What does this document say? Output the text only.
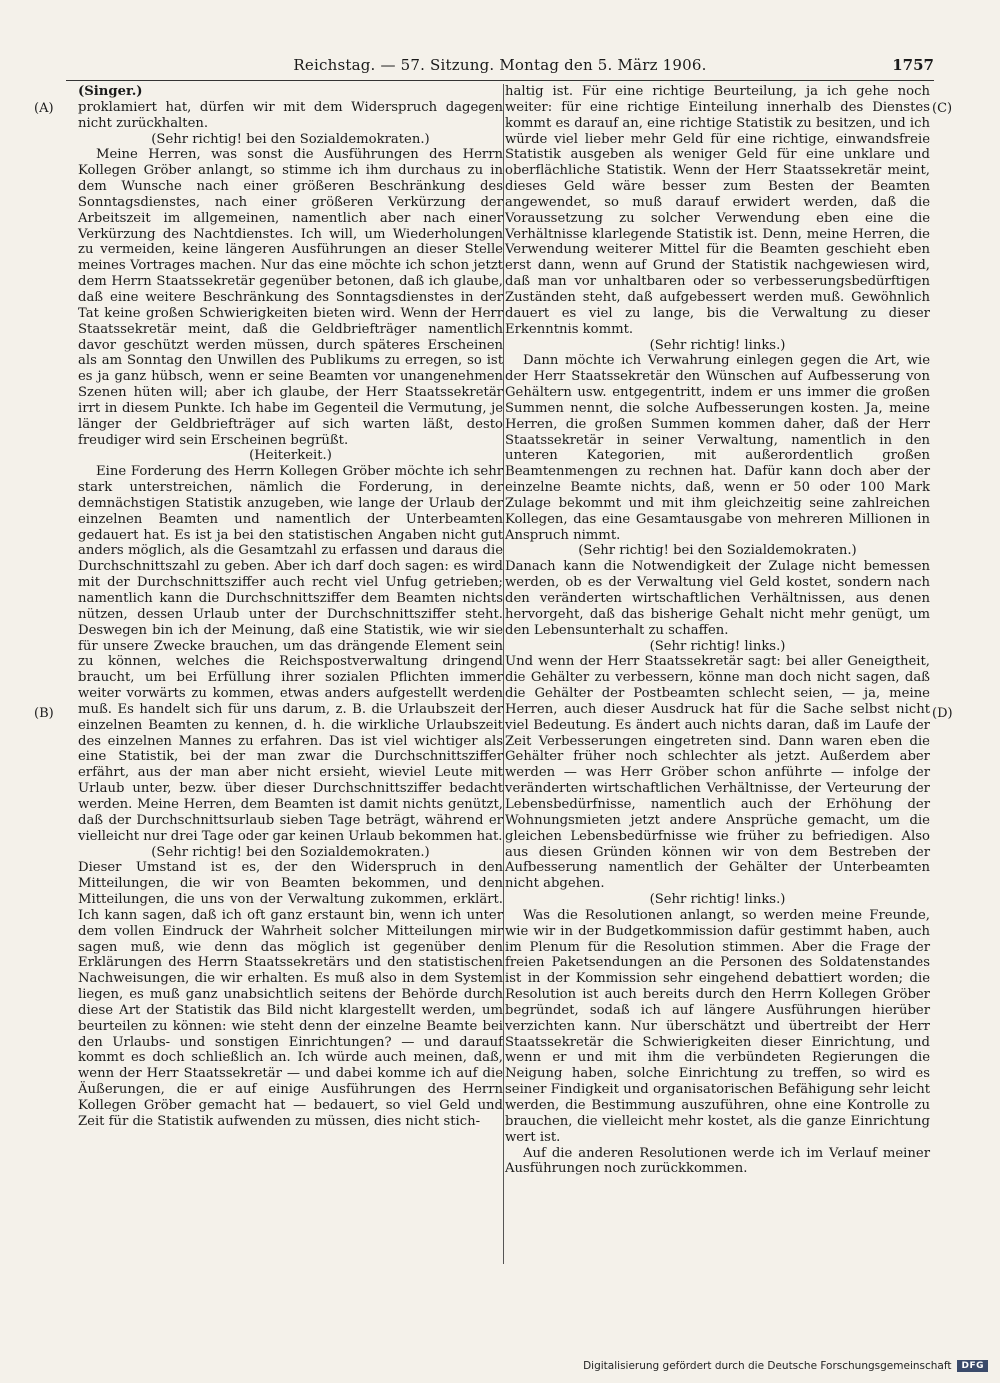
Reichstag. — 57. Sitzung. Montag den 5. März 1906.	1757
(A)
(B)
(C)
(D)

(Singer.)

proklamiert hat, dürfen wir mit dem Widerspruch dagegen nicht zurückhalten.

(Sehr richtig! bei den Sozialdemokraten.)

Meine Herren, was sonst die Ausführungen des Herrn Kollegen Gröber anlangt, so stimme ich ihm durchaus zu in dem Wunsche nach einer größeren Beschränkung des Sonntagsdienstes, nach einer größeren Verkürzung der Arbeitszeit im allgemeinen, namentlich aber nach einer Verkürzung des Nachtdienstes. Ich will, um Wiederholungen zu vermeiden, keine längeren Ausführungen an dieser Stelle meines Vortrages machen. Nur das eine möchte ich schon jetzt dem Herrn Staatssekretär gegenüber betonen, daß ich glaube, daß eine weitere Beschränkung des Sonntagsdienstes in der Tat keine großen Schwierigkeiten bieten wird. Wenn der Herr Staatssekretär meint, daß die Geldbriefträger namentlich davor geschützt werden müssen, durch späteres Erscheinen als am Sonntag den Unwillen des Publikums zu erregen, so ist es ja ganz hübsch, wenn er seine Beamten vor unangenehmen Szenen hüten will; aber ich glaube, der Herr Staatssekretär irrt in diesem Punkte. Ich habe im Gegenteil die Vermutung, je länger der Geldbriefträger auf sich warten läßt, desto freudiger wird sein Erscheinen begrüßt.

(Heiterkeit.)

Eine Forderung des Herrn Kollegen Gröber möchte ich sehr stark unterstreichen, nämlich die Forderung, in der demnächstigen Statistik anzugeben, wie lange der Urlaub der einzelnen Beamten und namentlich der Unterbeamten gedauert hat. Es ist ja bei den statistischen Angaben nicht gut anders möglich, als die Gesamtzahl zu erfassen und daraus die Durchschnittszahl zu geben. Aber ich darf doch sagen: es wird mit der Durchschnittsziffer auch recht viel Unfug getrieben; namentlich kann die Durchschnittsziffer dem Beamten nichts nützen, dessen Urlaub unter der Durchschnittsziffer steht. Deswegen bin ich der Meinung, daß eine Statistik, wie wir sie für unsere Zwecke brauchen, um das drängende Element sein zu können, welches die Reichspostverwaltung dringend braucht, um bei Erfüllung ihrer sozialen Pflichten immer weiter vorwärts zu kommen, etwas anders aufgestellt werden muß. Es handelt sich für uns darum, z. B. die Urlaubszeit der einzelnen Beamten zu kennen, d. h. die wirkliche Urlaubszeit des einzelnen Mannes zu erfahren. Das ist viel wichtiger als eine Statistik, bei der man zwar die Durchschnittsziffer erfährt, aus der man aber nicht ersieht, wieviel Leute mit Urlaub unter, bezw. über dieser Durchschnittsziffer bedacht werden. Meine Herren, dem Beamten ist damit nichts genützt, daß der Durchschnittsurlaub sieben Tage beträgt, während er vielleicht nur drei Tage oder gar keinen Urlaub bekommen hat.

(Sehr richtig! bei den Sozialdemokraten.)

Dieser Umstand ist es, der den Widerspruch in den Mitteilungen, die wir von Beamten bekommen, und den Mitteilungen, die uns von der Verwaltung zukommen, erklärt. Ich kann sagen, daß ich oft ganz erstaunt bin, wenn ich unter dem vollen Eindruck der Wahrheit solcher Mitteilungen mir sagen muß, wie denn das möglich ist gegenüber den Erklärungen des Herrn Staatssekretärs und den statistischen Nachweisungen, die wir erhalten. Es muß also in dem System liegen, es muß ganz unabsichtlich seitens der Behörde durch diese Art der Statistik das Bild nicht klargestellt werden, um beurteilen zu können: wie steht denn der einzelne Beamte bei den Urlaubs- und sonstigen Einrichtungen? — und darauf kommt es doch schließlich an. Ich würde auch meinen, daß, wenn der Herr Staatssekretär — und dabei komme ich auf die Äußerungen, die er auf einige Ausführungen des Herrn Kollegen Gröber gemacht hat — bedauert, so viel Geld und Zeit für die Statistik aufwenden zu müssen, dies nicht stich-

haltig ist. Für eine richtige Beurteilung, ja ich gehe noch weiter: für eine richtige Einteilung innerhalb des Dienstes kommt es darauf an, eine richtige Statistik zu besitzen, und ich würde viel lieber mehr Geld für eine richtige, einwandsfreie Statistik ausgeben als weniger Geld für eine unklare und oberflächliche Statistik. Wenn der Herr Staatssekretär meint, dieses Geld wäre besser zum Besten der Beamten angewendet, so muß darauf erwidert werden, daß die Voraussetzung zu solcher Verwendung eben eine die Verhältnisse klarlegende Statistik ist. Denn, meine Herren, die Verwendung weiterer Mittel für die Beamten geschieht eben erst dann, wenn auf Grund der Statistik nachgewiesen wird, daß man vor unhaltbaren oder so verbesserungsbedürftigen Zuständen steht, daß aufgebessert werden muß. Gewöhnlich dauert es viel zu lange, bis die Verwaltung zu dieser Erkenntnis kommt.

(Sehr richtig! links.)

Dann möchte ich Verwahrung einlegen gegen die Art, wie der Herr Staatssekretär den Wünschen auf Aufbesserung von Gehältern usw. entgegentritt, indem er uns immer die großen Summen nennt, die solche Aufbesserungen kosten. Ja, meine Herren, die großen Summen kommen daher, daß der Herr Staatssekretär in seiner Verwaltung, namentlich in den unteren Kategorien, mit außerordentlich großen Beamtenmengen zu rechnen hat. Dafür kann doch aber der einzelne Beamte nichts, daß, wenn er 50 oder 100 Mark Zulage bekommt und mit ihm gleichzeitig seine zahlreichen Kollegen, das eine Gesamtausgabe von mehreren Millionen in Anspruch nimmt.

(Sehr richtig! bei den Sozialdemokraten.)

Danach kann die Notwendigkeit der Zulage nicht bemessen werden, ob es der Verwaltung viel Geld kostet, sondern nach den veränderten wirtschaftlichen Verhältnissen, aus denen hervorgeht, daß das bisherige Gehalt nicht mehr genügt, um den Lebensunterhalt zu schaffen.

(Sehr richtig! links.)

Und wenn der Herr Staatssekretär sagt: bei aller Geneigtheit, die Gehälter zu verbessern, könne man doch nicht sagen, daß die Gehälter der Postbeamten schlecht seien, — ja, meine Herren, auch dieser Ausdruck hat für die Sache selbst nicht viel Bedeutung. Es ändert auch nichts daran, daß im Laufe der Zeit Verbesserungen eingetreten sind. Dann waren eben die Gehälter früher noch schlechter als jetzt. Außerdem aber werden — was Herr Gröber schon anführte — infolge der veränderten wirtschaftlichen Verhältnisse, der Verteurung der Lebensbedürfnisse, namentlich auch der Erhöhung der Wohnungsmieten jetzt andere Ansprüche gemacht, um die gleichen Lebensbedürfnisse wie früher zu befriedigen. Also aus diesen Gründen können wir von dem Bestreben der Aufbesserung namentlich der Gehälter der Unterbeamten nicht abgehen.

(Sehr richtig! links.)

Was die Resolutionen anlangt, so werden meine Freunde, wie wir in der Budgetkommission dafür gestimmt haben, auch im Plenum für die Resolution stimmen. Aber die Frage der freien Paketsendungen an die Personen des Soldatenstandes ist in der Kommission sehr eingehend debattiert worden; die Resolution ist auch bereits durch den Herrn Kollegen Gröber begründet, sodaß ich auf längere Ausführungen hierüber verzichten kann. Nur überschätzt und übertreibt der Herr Staatssekretär die Schwierigkeiten dieser Einrichtung, und wenn er und mit ihm die verbündeten Regierungen die Neigung haben, solche Einrichtung zu treffen, so wird es seiner Findigkeit und organisatorischen Befähigung sehr leicht werden, die Bestimmung auszuführen, ohne eine Kontrolle zu brauchen, die vielleicht mehr kostet, als die ganze Einrichtung wert ist.

Auf die anderen Resolutionen werde ich im Verlauf meiner Ausführungen noch zurückkommen.

Digitalisierung gefördert durch die Deutsche Forschungsgemeinschaft	DFG
